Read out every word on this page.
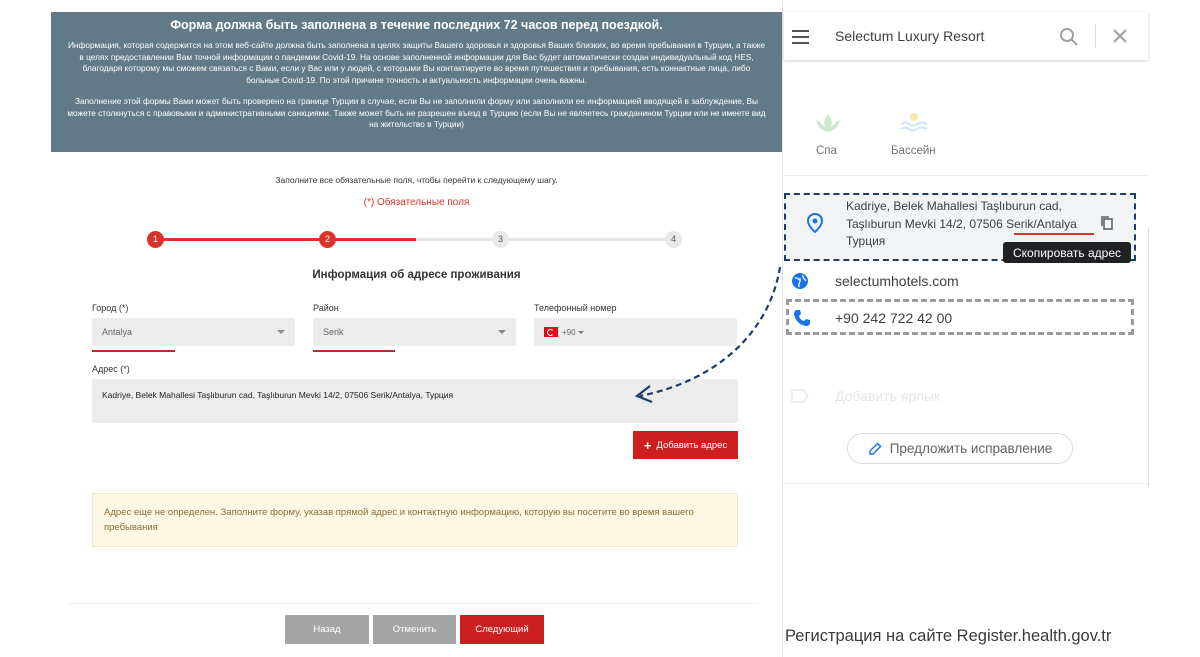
Форма должна быть заполнена в течение последних 72 часов перед поездкой.
Информация, которая содержится на этом веб-сайте должна быть заполнена в целях защиты Вашего здоровья и здоровья Ваших близких, во время пребывания в Турции, а также в целях предоставлении Вам точной информации о пандемии Covid-19. На основе заполненной информации для Вас будет автоматически создан индивидуальный код HES, благодаря которому мы сможем связаться с Вами, если у Вас или у людей, с которыми Вы контактируете во время путешествия и пребывания, есть коннактные лица, либо больные Covid-19. По этой причине точность и актуальность информации очень важны.
Заполнение этой формы Вами может быть проверено на границе Турции в случае, если Вы не заполнили форму или заполнили ее информацией вводящей в заблуждение, Вы можете столкнуться с правовыми и административными санкциями. Также может быть не разрешен въезд в Турцию (если Вы не являетесь гражданином Турции или не имеете вид на жительство в Турции)
Заполните все обязательные поля, чтобы перейти к следующему шагу.
(*) Обязательные поля
1	2	3	4
Информация об адресе проживания
Город (*)
Antalya
Район
Serik
Телефонный номер
+90
Адрес (*)
Kadriye, Belek Mahallesi Taşlıburun cad, Taşlıburun Mevki 14/2, 07506 Serik/Antalya, Турция
+ Добавить адрес
Адрес еще не определен. Заполните форму, указав прямой адрес и контактную информацию, которую вы посетите во время вашего пребывания
Назад	Отменить	Следующий
Selectum Luxury Resort
Спа	Бассейн
Kadriye, Belek Mahallesi Taşlıburun cad,
Taşlıburun Mevki 14/2, 07506 Serik/Antalya
Турция
Скопировать адрес
selectumhotels.com
+90 242 722 42 00
Добавить ярлык
Предложить исправление
Регистрация на сайте Register.health.gov.tr
